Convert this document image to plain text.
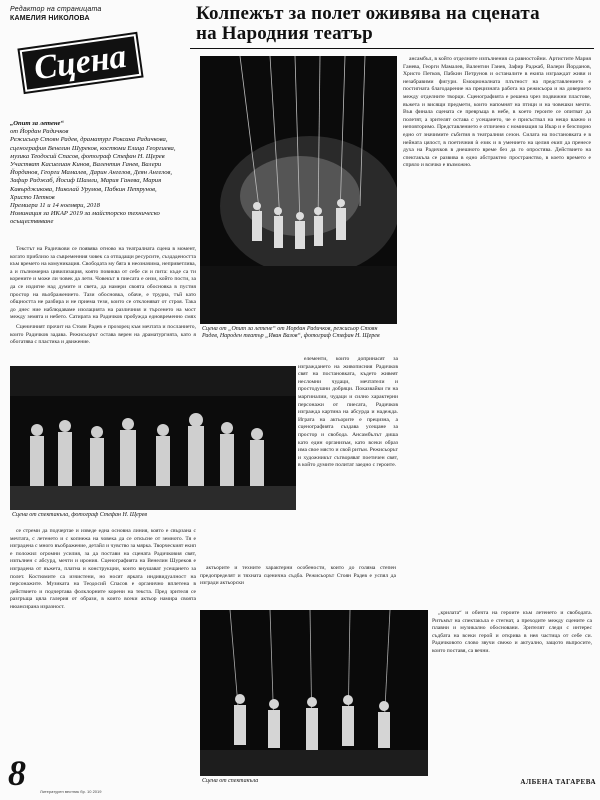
Редактор на страницата
КАМЕЛИЯ НИКОЛОВА	Колпежът за полет оживява на сцената
на Народния театър
Сцена
„Опит за летене“
от Йордан Радичков
Режисьор Стоян Радев, драматург Роксана Радичкова,
сценография Венелин Шуреков, костюми Елица Георгиева,
музика Теодосий Спасов, фотограф Стефан Н. Щерев
Участват Касиелиан Кинов, Валентин Ганев, Валери
Йорданов, Георги Мамалев, Дарин Ангелов, Деян Ангелов,
Зафир Раджаб, Йосиф Шамли, Мария Ганева, Мария
Кавърджикова, Николай Урумов, Пабкин Петрунов,
Христо Петков
Премиера 11 и 14 ноември, 2018
Номинация за ИКАР 2019 за майсторско техническо
осъществяване

Текстът на Радичкови се появява отново на театралната сцена в момент, когато приблизо за съвременния човек са отпадащи ресурсите, създадеността към времето на комуникация. Свободата му бяга в неозначима, неприветлива, а и пълномерна цивилизация, която повиква от себе си и пита: къде са ти корените и може ли човек да лети. Човекът в пиесата е онзи, който пости, за да се издигне над думите и света, да намери своята обосновка в пустия простор на въображението. Тази обосновка, обаче, е трудна, тъй като общността не разбира и не приема тези, които се отклоняват от строя. Така до днес ние наблюдаваме изолацията на различния и търсенето на мост между земята и небето. Сатирата на Радичков пробужда едновременно смях

Сценичният прочит на Стоян Радев е прозорец към мечтата и посланието, които Радичков задава. Режисьорът остава верен на драматургията, като я обогатява с пластика и движение.

Сцена от „Опит за летене“ от Йордан Радичков, режисьор Стоян Радев, Народен театър „Иван Вазов“, фотограф Стефан Н. Щерев

елементи, които допринасят за изграждането на живописния Радичков свят на постановката, където живеят несломни чудаци, мечтатели и простодушни добряци. Показвайки ги на маргиналии, чудаци и силно характерни персонажи от пиесата, Радичков изгражда картина на абсурда и надежда. Играта на актьорите е прецизна, а сценографията създава усещане за простор и свобода. Ансамбълът диша като един организъм, като всеки образ има свое място и свой ритъм. Режисьорът и художникът сътворяват поетичен свят, в който думите политат заедно с героите.

Сцена от спектакъла, фотограф Стефан Н. Щерев

актьорите и техните характерни особености, които до голяма степен предопределят и тяхната сценична съдба. Режисьорът Стоян Радев е успял да изгради актьорски

се стреми да подчертае и изведе една основна линия, която е свързана с мечтата, с летенето и с копнежа на човека да се откъсне от земното. Тя е изградена с много въображение, детайл и чувство за мярка. Творческият екип е положил огромни усилия, за да постави на сцената Радичковия свят, изпълнен с абсурд, мечти и ирония. Сценографията на Венелин Шуреков е изградена от въжета, платна и конструкции, които внушават усещането за полет. Костюмите са изчистени, но носят ярката индивидуалност на персонажите. Музиката на Теодосий Спасов е органично вплетена в действието и подчертава фолклорните корени на текста. Пред зрителя се разгръща цяла галерия от образи, в които всеки актьор намира своята нюансирана изразност.

Сцена от спектакъла

ансамбъл, в който отделните изпълнения са равностойни. Артистите Мария Ганева, Георги Мамалев, Валентин Ганев, Зафир Раджаб, Валери Йорданов, Христо Петков, Пабкин Петрунов и останалите в екипа изграждат живи и незабравими фигури. Емоционалната плътност на представлението е постигната благодарение на прецизната работа на режисьора и на доверието между отделните творци. Сценографията е решена чрез подвижни пластове, въжета и висящи предмети, които напомнят на птици и на човешки мечти. Във финала сцената се превръща в небе, в което героите се опитват да полетят, а зрителят остава с усещането, че е присъствал на нещо важно и неповторимо. Представлението е отличено с номинация за Икар и е безспорно едно от значимите събития в театралния сезон. Силата на постановката е в нейната цялост, в поетичния ѝ език и в умението на целия екип да пренесе духа на Радичков в днешното време без да го опростява. Действието на спектакъла се развива в едно абстрактно пространство, в което времето е спряло и всичко е възможно.

„крилата“ и обичта на героите към летенето и свободата. Ритъмът на спектакъла е стегнат, а преходите между сцените са плавни и музикално обосновани. Зрителят следи с интерес съдбата на всеки герой и открива в нея частица от себе си. Радичковото слово звучи свежо и актуално, защото въпросите, които поставя, са вечни.

АЛБЕНА ТАГАРЕВА
8	Литературен вестник бр. 10 2019
